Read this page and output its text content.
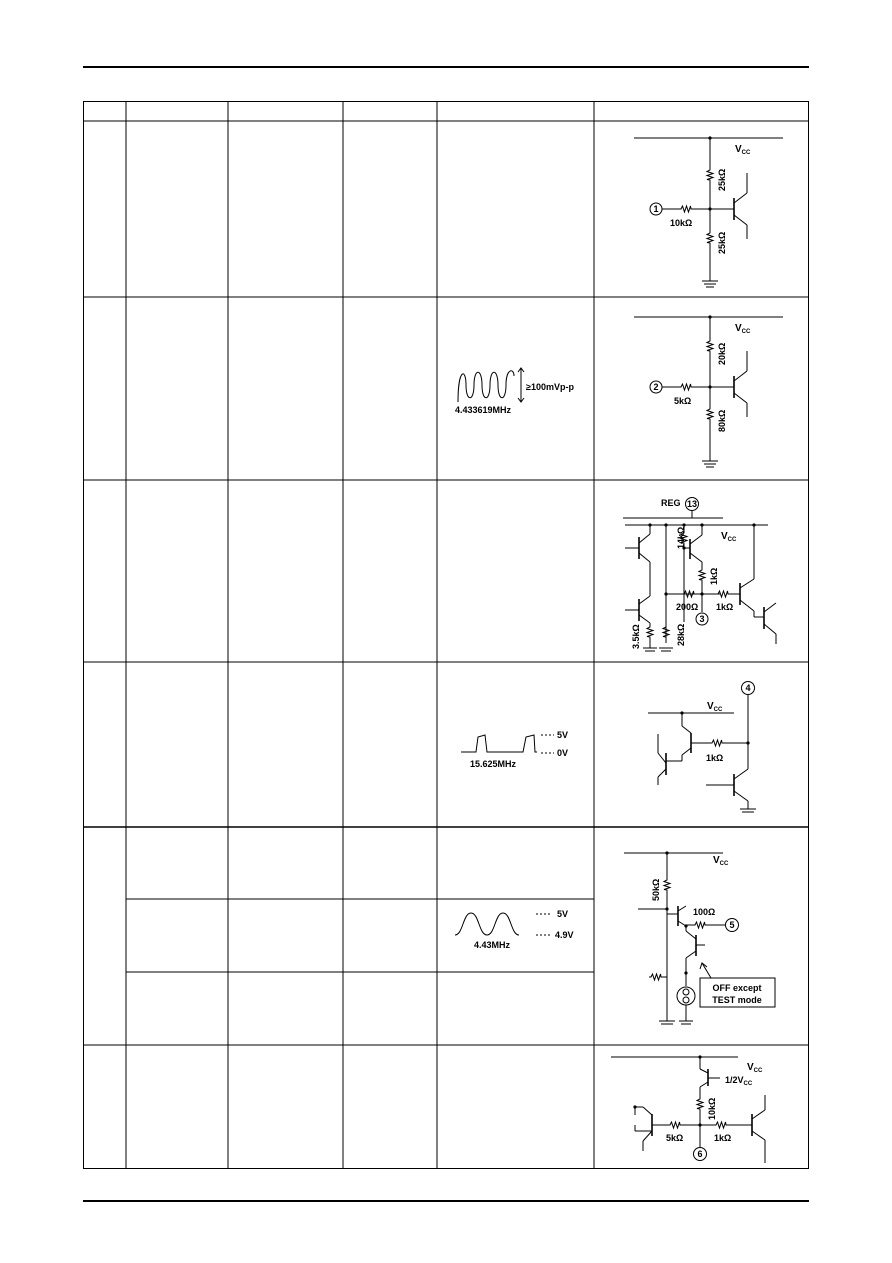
$V_{CC}$
1
10kΩ
25kΩ
25kΩ
≥100mVp-p
4.433619MHz
$V_{CC}$
2
5kΩ
20kΩ
80kΩ
REG 13
$V_{CC}$
14kΩ
1kΩ
200Ω 1kΩ
3
3.5kΩ	28kΩ
5V
0V
15.625MHz
4
$V_{CC}$
1kΩ
5V
4.9V
4.43MHz
$V_{CC}$
50kΩ
100Ω
5
OFF except
TEST mode
$V_{CC}$
$1/2V_{CC}$
10kΩ
5kΩ	1kΩ
6
